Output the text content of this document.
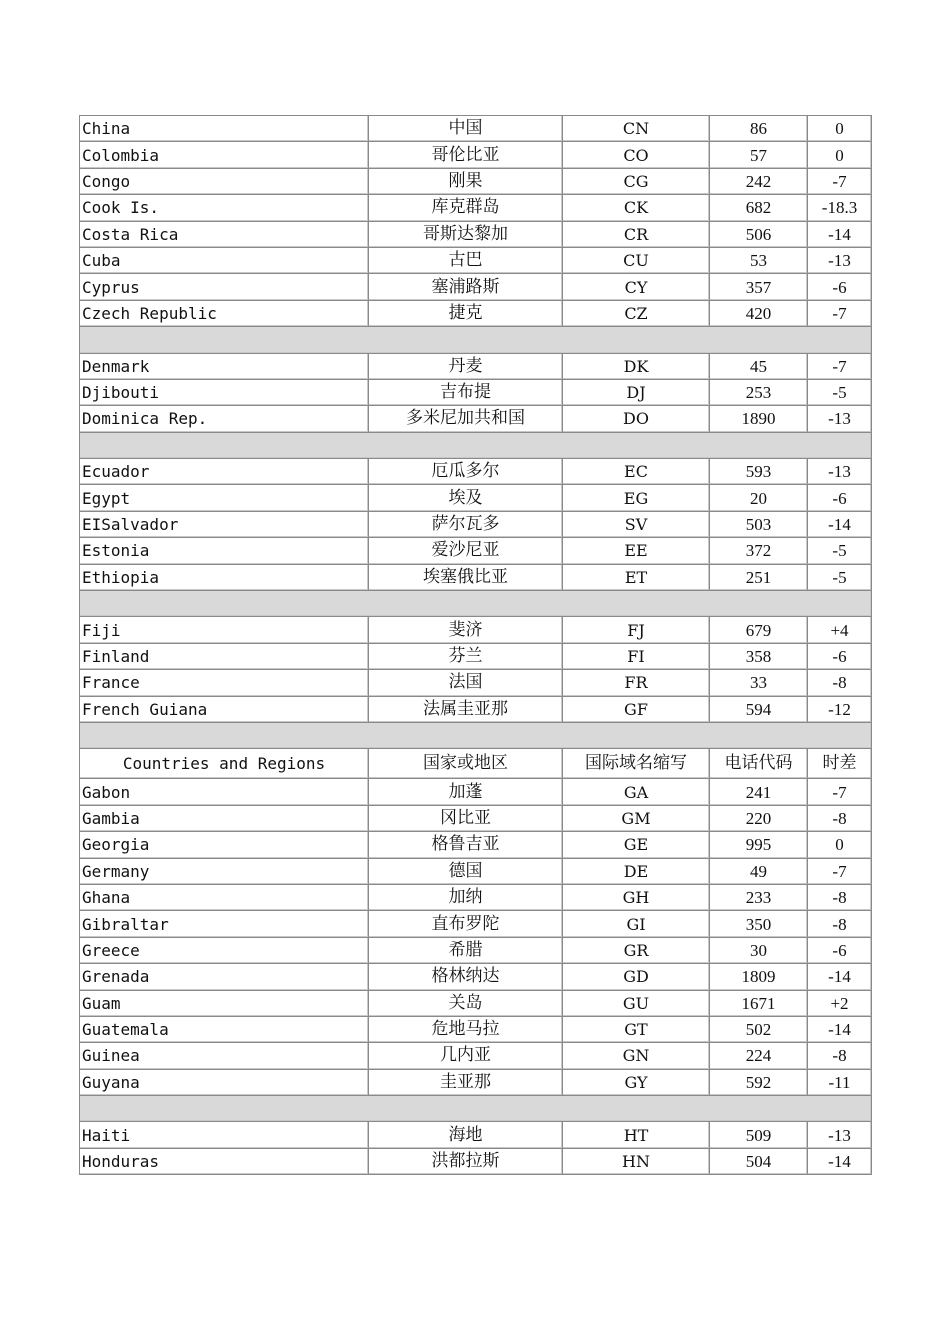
China	中国	CN	86	0
Colombia	哥伦比亚	CO	57	0
Congo	刚果	CG	242	-7
Cook Is.	库克群岛	CK	682	-18.3
Costa Rica	哥斯达黎加	CR	506	-14
Cuba	古巴	CU	53	-13
Cyprus	塞浦路斯	CY	357	-6
Czech Republic	捷克	CZ	420	-7

Denmark	丹麦	DK	45	-7
Djibouti	吉布提	DJ	253	-5
Dominica Rep.	多米尼加共和国	DO	1890	-13

Ecuador	厄瓜多尔	EC	593	-13
Egypt	埃及	EG	20	-6
EISalvador	萨尔瓦多	SV	503	-14
Estonia	爱沙尼亚	EE	372	-5
Ethiopia	埃塞俄比亚	ET	251	-5

Fiji	斐济	FJ	679	+4
Finland	芬兰	FI	358	-6
France	法国	FR	33	-8
French Guiana	法属圭亚那	GF	594	-12

Countries and Regions	国家或地区	国际域名缩写	电话代码	时差
Gabon	加蓬	GA	241	-7
Gambia	冈比亚	GM	220	-8
Georgia	格鲁吉亚	GE	995	0
Germany	德国	DE	49	-7
Ghana	加纳	GH	233	-8
Gibraltar	直布罗陀	GI	350	-8
Greece	希腊	GR	30	-6
Grenada	格林纳达	GD	1809	-14
Guam	关岛	GU	1671	+2
Guatemala	危地马拉	GT	502	-14
Guinea	几内亚	GN	224	-8
Guyana	圭亚那	GY	592	-11

Haiti	海地	HT	509	-13
Honduras	洪都拉斯	HN	504	-14
